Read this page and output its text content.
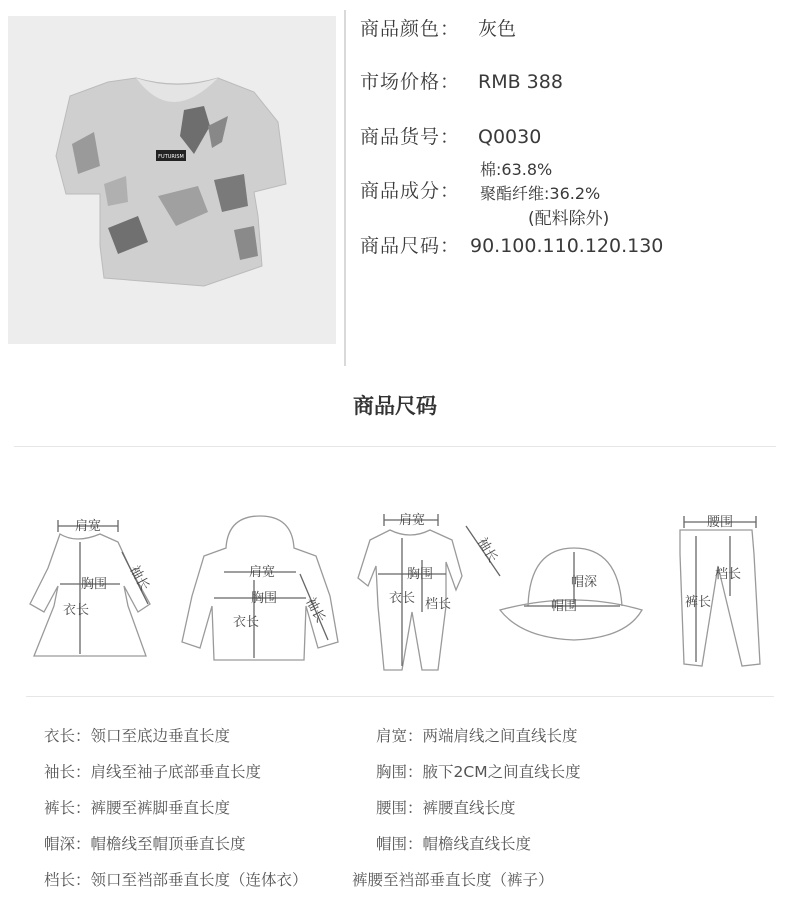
FUTURISM
商品颜色： 灰色
市场价格： RMB 388
商品货号： Q0030
商品成分：
棉:63.8%
聚酯纤维:36.2%
(配料除外)
商品尺码： 90.100.110.120.130
商品尺码
肩宽
胸围
衣长
袖长	肩宽
胸围
衣长	袖长
肩宽
胸围
衣长 档长
袖长
帽深
帽围
腰围
档长
裤长
衣长：领口至底边垂直长度	肩宽：两端肩线之间直线长度
袖长：肩线至袖子底部垂直长度	胸围：腋下2CM之间直线长度
裤长：裤腰至裤脚垂直长度	腰围：裤腰直线长度
帽深：帽檐线至帽顶垂直长度	帽围：帽檐线直线长度
档长：领口至裆部垂直长度（连体衣）	裤腰至裆部垂直长度（裤子）
